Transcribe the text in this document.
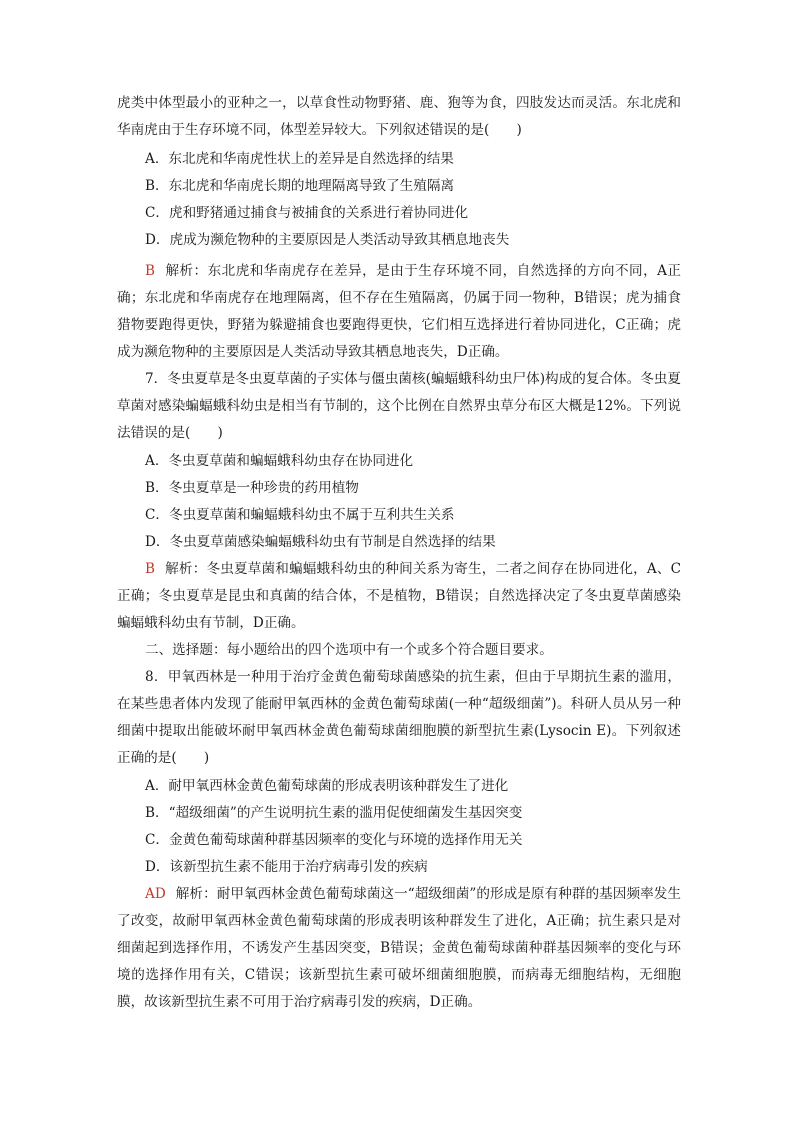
虎类中体型最小的亚种之一，以草食性动物野猪、鹿、狍等为食，四肢发达而灵活。东北虎和华南虎由于生存环境不同，体型差异较大。下列叙述错误的是(　　)

A．东北虎和华南虎性状上的差异是自然选择的结果

B．东北虎和华南虎长期的地理隔离导致了生殖隔离

C．虎和野猪通过捕食与被捕食的关系进行着协同进化

D．虎成为濒危物种的主要原因是人类活动导致其栖息地丧失

B 解析：东北虎和华南虎存在差异，是由于生存环境不同，自然选择的方向不同，A正确；东北虎和华南虎存在地理隔离，但不存在生殖隔离，仍属于同一物种，B错误；虎为捕食猎物要跑得更快，野猪为躲避捕食也要跑得更快，它们相互选择进行着协同进化，C正确；虎成为濒危物种的主要原因是人类活动导致其栖息地丧失，D正确。

7．冬虫夏草是冬虫夏草菌的子实体与僵虫菌核(蝙蝠蛾科幼虫尸体)构成的复合体。冬虫夏草菌对感染蝙蝠蛾科幼虫是相当有节制的，这个比例在自然界虫草分布区大概是12%。下列说法错误的是(　　)

A．冬虫夏草菌和蝙蝠蛾科幼虫存在协同进化

B．冬虫夏草是一种珍贵的药用植物

C．冬虫夏草菌和蝙蝠蛾科幼虫不属于互利共生关系

D．冬虫夏草菌感染蝙蝠蛾科幼虫有节制是自然选择的结果

B 解析：冬虫夏草菌和蝙蝠蛾科幼虫的种间关系为寄生，二者之间存在协同进化，A、C正确；冬虫夏草是昆虫和真菌的结合体，不是植物，B错误；自然选择决定了冬虫夏草菌感染蝙蝠蛾科幼虫有节制，D正确。

二、选择题：每小题给出的四个选项中有一个或多个符合题目要求。

8．甲氧西林是一种用于治疗金黄色葡萄球菌感染的抗生素，但由于早期抗生素的滥用，在某些患者体内发现了能耐甲氧西林的金黄色葡萄球菌(一种“超级细菌”)。科研人员从另一种细菌中提取出能破坏耐甲氧西林金黄色葡萄球菌细胞膜的新型抗生素(Lysocin E)。下列叙述正确的是(　　)

A．耐甲氧西林金黄色葡萄球菌的形成表明该种群发生了进化

B．“超级细菌”的产生说明抗生素的滥用促使细菌发生基因突变

C．金黄色葡萄球菌种群基因频率的变化与环境的选择作用无关

D．该新型抗生素不能用于治疗病毒引发的疾病

AD 解析：耐甲氧西林金黄色葡萄球菌这一“超级细菌”的形成是原有种群的基因频率发生了改变，故耐甲氧西林金黄色葡萄球菌的形成表明该种群发生了进化，A正确；抗生素只是对细菌起到选择作用，不诱发产生基因突变，B错误；金黄色葡萄球菌种群基因频率的变化与环境的选择作用有关，C错误；该新型抗生素可破坏细菌细胞膜，而病毒无细胞结构，无细胞膜，故该新型抗生素不可用于治疗病毒引发的疾病，D正确。
